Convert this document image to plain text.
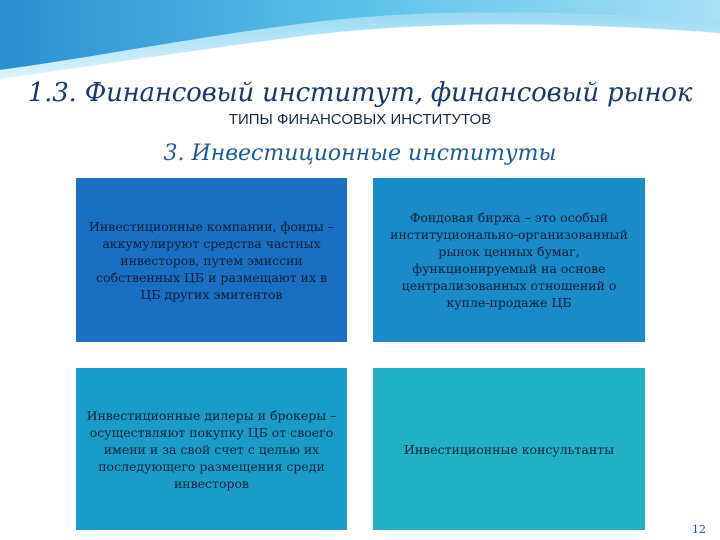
1.3. Финансовый институт, финансовый рынок
ТИПЫ ФИНАНСОВЫХ ИНСТИТУТОВ
3. Инвестиционные институты
Инвестиционные компании, фонды – аккумулируют средства частных инвесторов, путем эмиссии собственных ЦБ и размещают их в ЦБ других эмитентов
Фондовая биржа – это особый институционально-организованный рынок ценных бумаг, функционируемый на основе централизованных отношений о купле-продаже ЦБ
Инвестиционные дилеры и брокеры – осуществляют покупку ЦБ от своего имени и за свой счет с целью их последующего размещения среди инвесторов
Инвестиционные консультанты
12
